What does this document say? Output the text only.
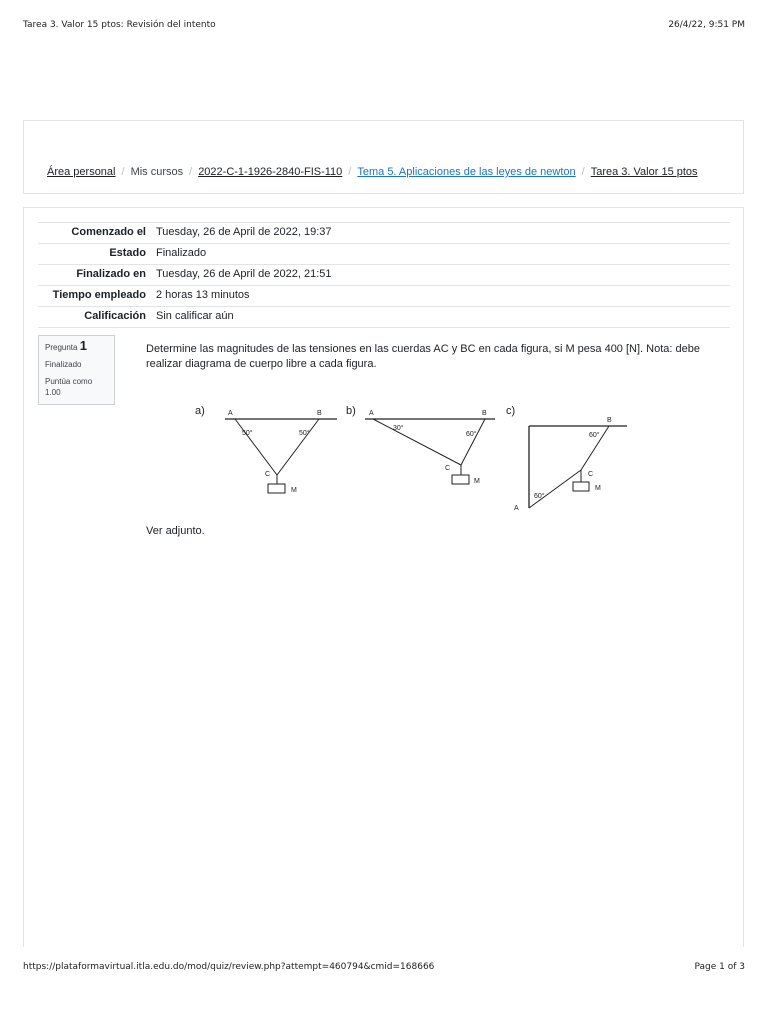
Tarea 3. Valor 15 ptos: Revisión del intento	26/4/22, 9:51 PM
Área personal / Mis cursos / 2022-C-1-1926-2840-FIS-110 / Tema 5. Aplicaciones de las leyes de newton / Tarea 3. Valor 15 ptos
Comenzado el	Tuesday, 26 de April de 2022, 19:37
Estado	Finalizado
Finalizado en	Tuesday, 26 de April de 2022, 21:51
Tiempo empleado	2 horas 13 minutos
Calificación	Sin calificar aún
Pregunta 1
Finalizado
Puntúa como
1.00
Determine las magnitudes de las tensiones en las cuerdas AC y BC en cada figura, si M pesa 400 [N]. Nota: debe realizar diagrama de cuerpo libre a cada figura.
a)	A	B
C
M
50°	50°
b) A	B
C
M
30°
60°
c)
A
B
C
M
60°
60°
Ver adjunto.
https://plataformavirtual.itla.edu.do/mod/quiz/review.php?attempt=460794&cmid=168666	Page 1 of 3
